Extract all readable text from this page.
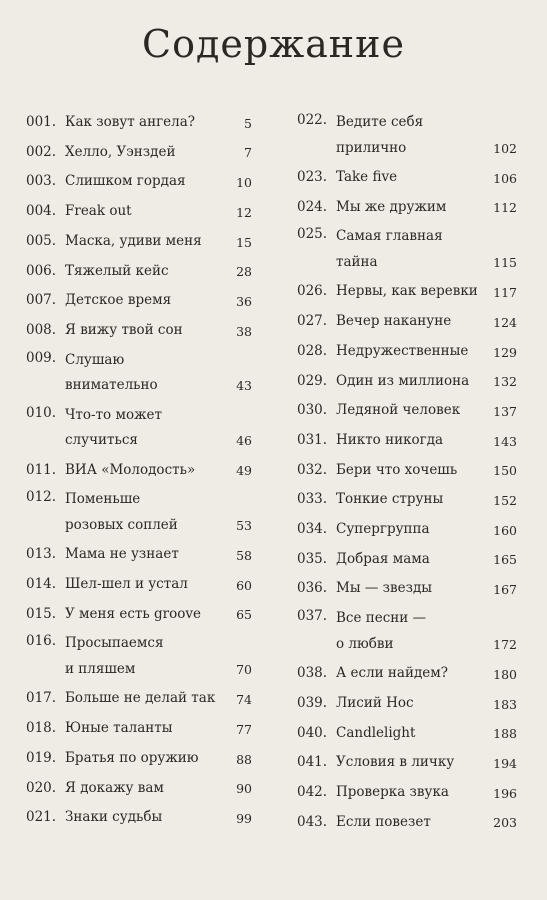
Содержание
001. Как зовут ангела?	5
002. Хелло, Уэнздей	7
003. Слишком гордая	10
004. Freak out	12
005. Маска, удиви меня	15
006. Тяжелый кейс	28
007. Детское время	36
008. Я вижу твой сон	38
009. Слушаю
внимательно	43
010. Что-то может
случиться	46
011. ВИА «Молодость»	49
012. Поменьше
розовых соплей	53
013. Мама не узнает	58
014. Шел-шел и устал	60
015. У меня есть groove	65
016. Просыпаемся
и пляшем	70
017. Больше не делай так	74
018. Юные таланты	77
019. Братья по оружию	88
020. Я докажу вам	90
021. Знаки судьбы	99
022. Ведите себя
прилично	102
023. Take five	106
024. Мы же дружим	112
025. Самая главная
тайна	115
026. Нервы, как веревки	117
027. Вечер накануне	124
028. Недружественные	129
029. Один из миллиона	132
030. Ледяной человек	137
031. Никто никогда	143
032. Бери что хочешь	150
033. Тонкие струны	152
034. Супергруппа	160
035. Добрая мама	165
036. Мы — звезды	167
037. Все песни —
о любви	172
038. А если найдем?	180
039. Лисий Нос	183
040. Candlelight	188
041. Условия в личку	194
042. Проверка звука	196
043. Если повезет	203
